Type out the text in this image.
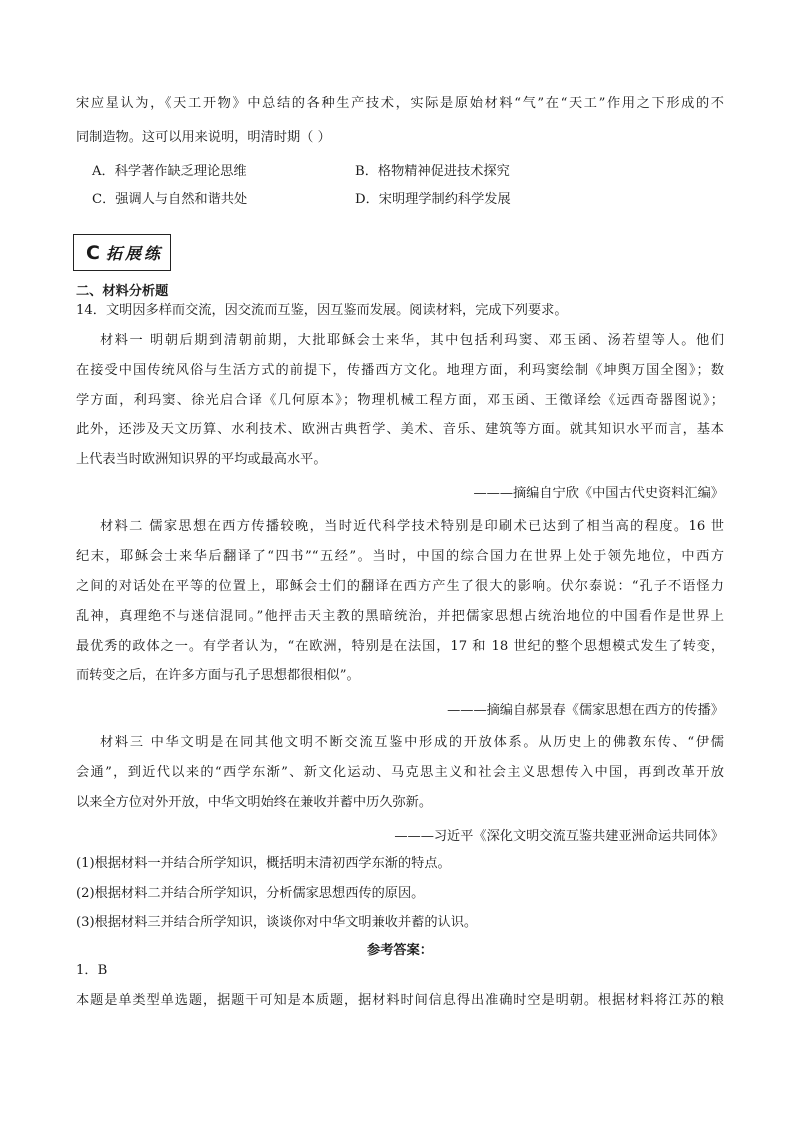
宋应星认为，《天工开物》中总结的各种生产技术，实际是原始材料“气”在“天工”作用之下形成的不
同制造物。这可以用来说明，明清时期（ ）
A．科学著作缺乏理论思维	B．格物精神促进技术探究
C．强调人与自然和谐共处	D．宋明理学制约科学发展
C 拓展练
二、材料分析题
14．文明因多样而交流，因交流而互鉴，因互鉴而发展。阅读材料，完成下列要求。
材料一 明朝后期到清朝前期，大批耶稣会士来华，其中包括利玛窦、邓玉函、汤若望等人。他们
在接受中国传统风俗与生活方式的前提下，传播西方文化。地理方面，利玛窦绘制《坤舆万国全图》；数
学方面，利玛窦、徐光启合译《几何原本》；物理机械工程方面，邓玉函、王徵译绘《远西奇器图说》；
此外，还涉及天文历算、水利技术、欧洲古典哲学、美术、音乐、建筑等方面。就其知识水平而言，基本
上代表当时欧洲知识界的平均或最高水平。
———摘编自宁欣《中国古代史资料汇编》
材料二 儒家思想在西方传播较晚，当时近代科学技术特别是印刷术已达到了相当高的程度。16 世
纪末，耶稣会士来华后翻译了“四书”“五经”。当时，中国的综合国力在世界上处于领先地位，中西方
之间的对话处在平等的位置上，耶稣会士们的翻译在西方产生了很大的影响。伏尔泰说：“孔子不语怪力
乱神，真理绝不与迷信混同。”他抨击天主教的黑暗统治，并把儒家思想占统治地位的中国看作是世界上
最优秀的政体之一。有学者认为，“在欧洲，特别是在法国，17 和 18 世纪的整个思想模式发生了转变，
而转变之后，在许多方面与孔子思想都很相似”。
———摘编自郝景春《儒家思想在西方的传播》
材料三 中华文明是在同其他文明不断交流互鉴中形成的开放体系。从历史上的佛教东传、“伊儒
会通”，到近代以来的“西学东渐”、新文化运动、马克思主义和社会主义思想传入中国，再到改革开放
以来全方位对外开放，中华文明始终在兼收并蓄中历久弥新。
———习近平《深化文明交流互鉴共建亚洲命运共同体》
(1)根据材料一并结合所学知识，概括明末清初西学东渐的特点。
(2)根据材料二并结合所学知识，分析儒家思想西传的原因。
(3)根据材料三并结合所学知识，谈谈你对中华文明兼收并蓄的认识。
参考答案：
1．B
本题是单类型单选题，据题干可知是本质题，据材料时间信息得出准确时空是明朝。根据材料将江苏的粮
